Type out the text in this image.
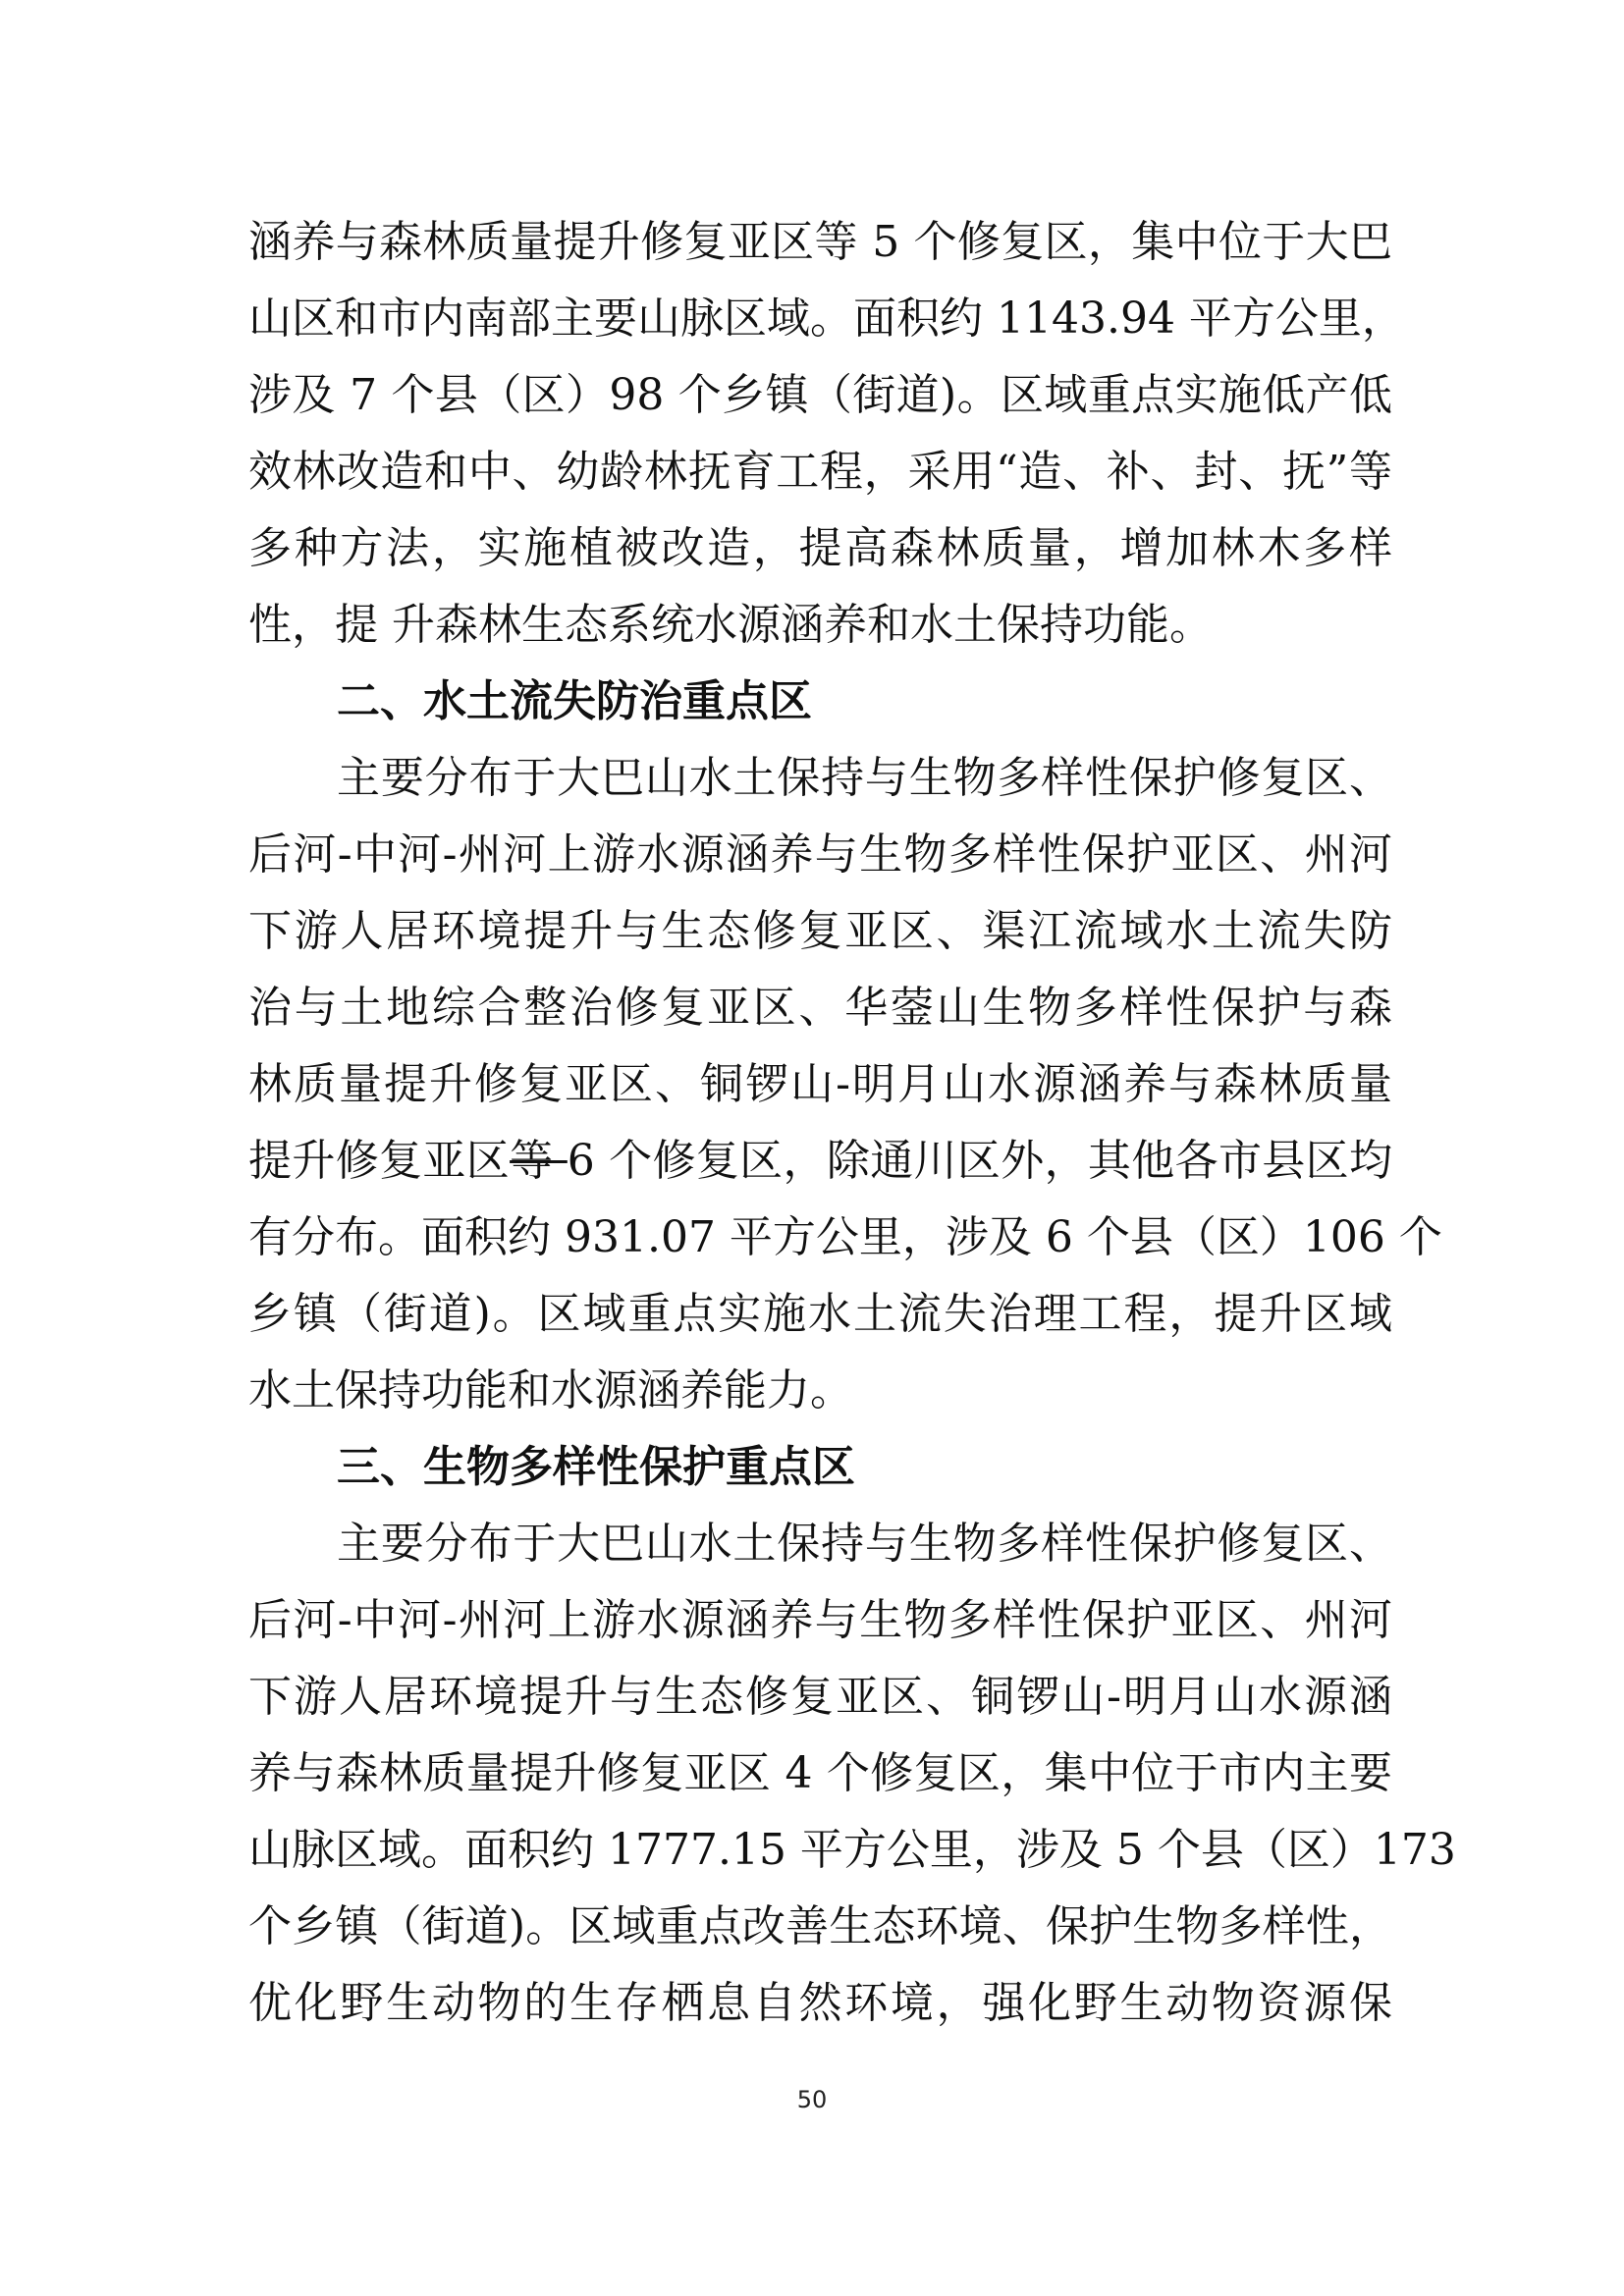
涵养与森林质量提升修复亚区等 5 个修复区，集中位于大巴
山区和市内南部主要山脉区域。面积约 1143.94 平方公里，
涉及 7 个县（区）98 个乡镇（街道)。区域重点实施低产低
效林改造和中、幼龄林抚育工程，采用“造、补、封、抚”等
多种方法，实施植被改造，提高森林质量，增加林木多样
性，提 升森林生态系统水源涵养和水土保持功能。
二、水土流失防治重点区
主要分布于大巴山水土保持与生物多样性保护修复区、
后河-中河-州河上游水源涵养与生物多样性保护亚区、州河
下游人居环境提升与生态修复亚区、渠江流域水土流失防
治与土地综合整治修复亚区、华蓥山生物多样性保护与森
林质量提升修复亚区、铜锣山-明月山水源涵养与森林质量
提升修复亚区等 6 个修复区，除通川区外，其他各市县区均
有分布。面积约 931.07 平方公里，涉及 6 个县（区）106 个
乡镇（街道)。区域重点实施水土流失治理工程，提升区域
水土保持功能和水源涵养能力。
三、生物多样性保护重点区
主要分布于大巴山水土保持与生物多样性保护修复区、
后河-中河-州河上游水源涵养与生物多样性保护亚区、州河
下游人居环境提升与生态修复亚区、铜锣山-明月山水源涵
养与森林质量提升修复亚区 4 个修复区，集中位于市内主要
山脉区域。面积约 1777.15 平方公里，涉及 5 个县（区）173
个乡镇（街道)。区域重点改善生态环境、保护生物多样性，
优化野生动物的生存栖息自然环境，强化野生动物资源保
50
